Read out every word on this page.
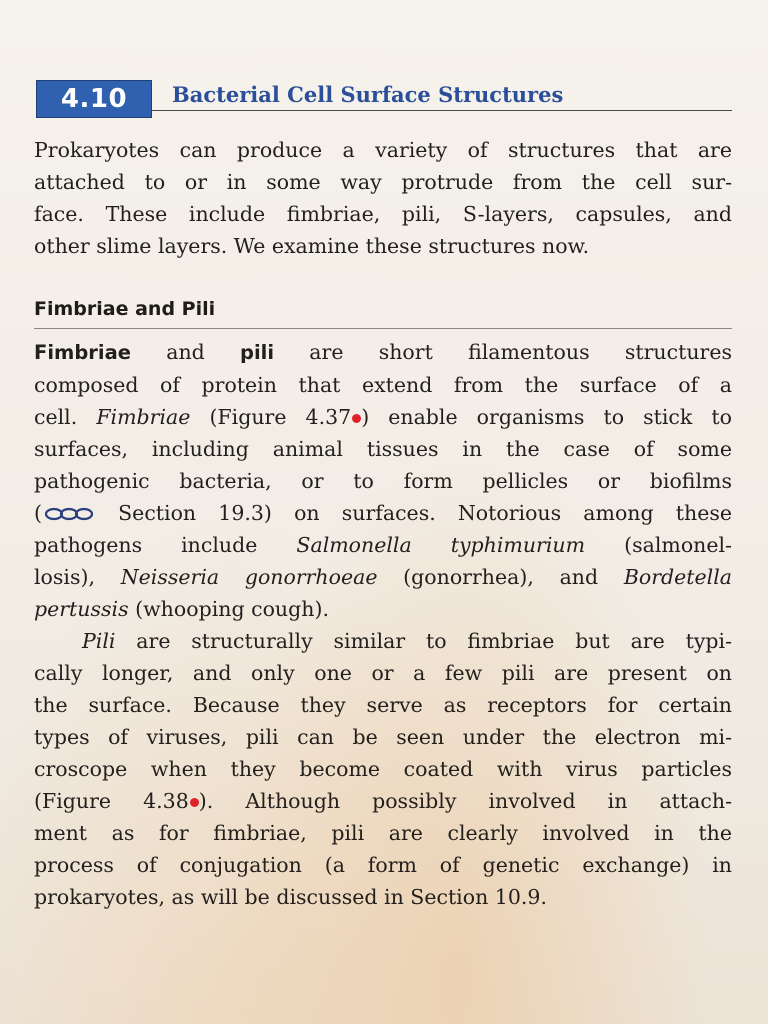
4.10	Bacterial Cell Surface Structures
Prokaryotes can produce a variety of structures that are
attached to or in some way protrude from the cell sur-
face. These include fimbriae, pili, S-layers, capsules, and
other slime layers. We examine these structures now.
Fimbriae and Pili
Fimbriae and pili are short filamentous structures
composed of protein that extend from the surface of a
cell. Fimbriae (Figure 4.37 ) enable organisms to stick to
surfaces, including animal tissues in the case of some
pathogenic bacteria, or to form pellicles or biofilms
(	Section 19.3) on surfaces. Notorious among these
pathogens include Salmonella typhimurium (salmonel-
losis), Neisseria gonorrhoeae (gonorrhea), and Bordetella
pertussis (whooping cough).
Pili are structurally similar to fimbriae but are typi-
cally longer, and only one or a few pili are present on
the surface. Because they serve as receptors for certain
types of viruses, pili can be seen under the electron mi-
croscope when they become coated with virus particles
(Figure 4.38 ). Although possibly involved in attach-
ment as for fimbriae, pili are clearly involved in the
process of conjugation (a form of genetic exchange) in
prokaryotes, as will be discussed in Section 10.9.
